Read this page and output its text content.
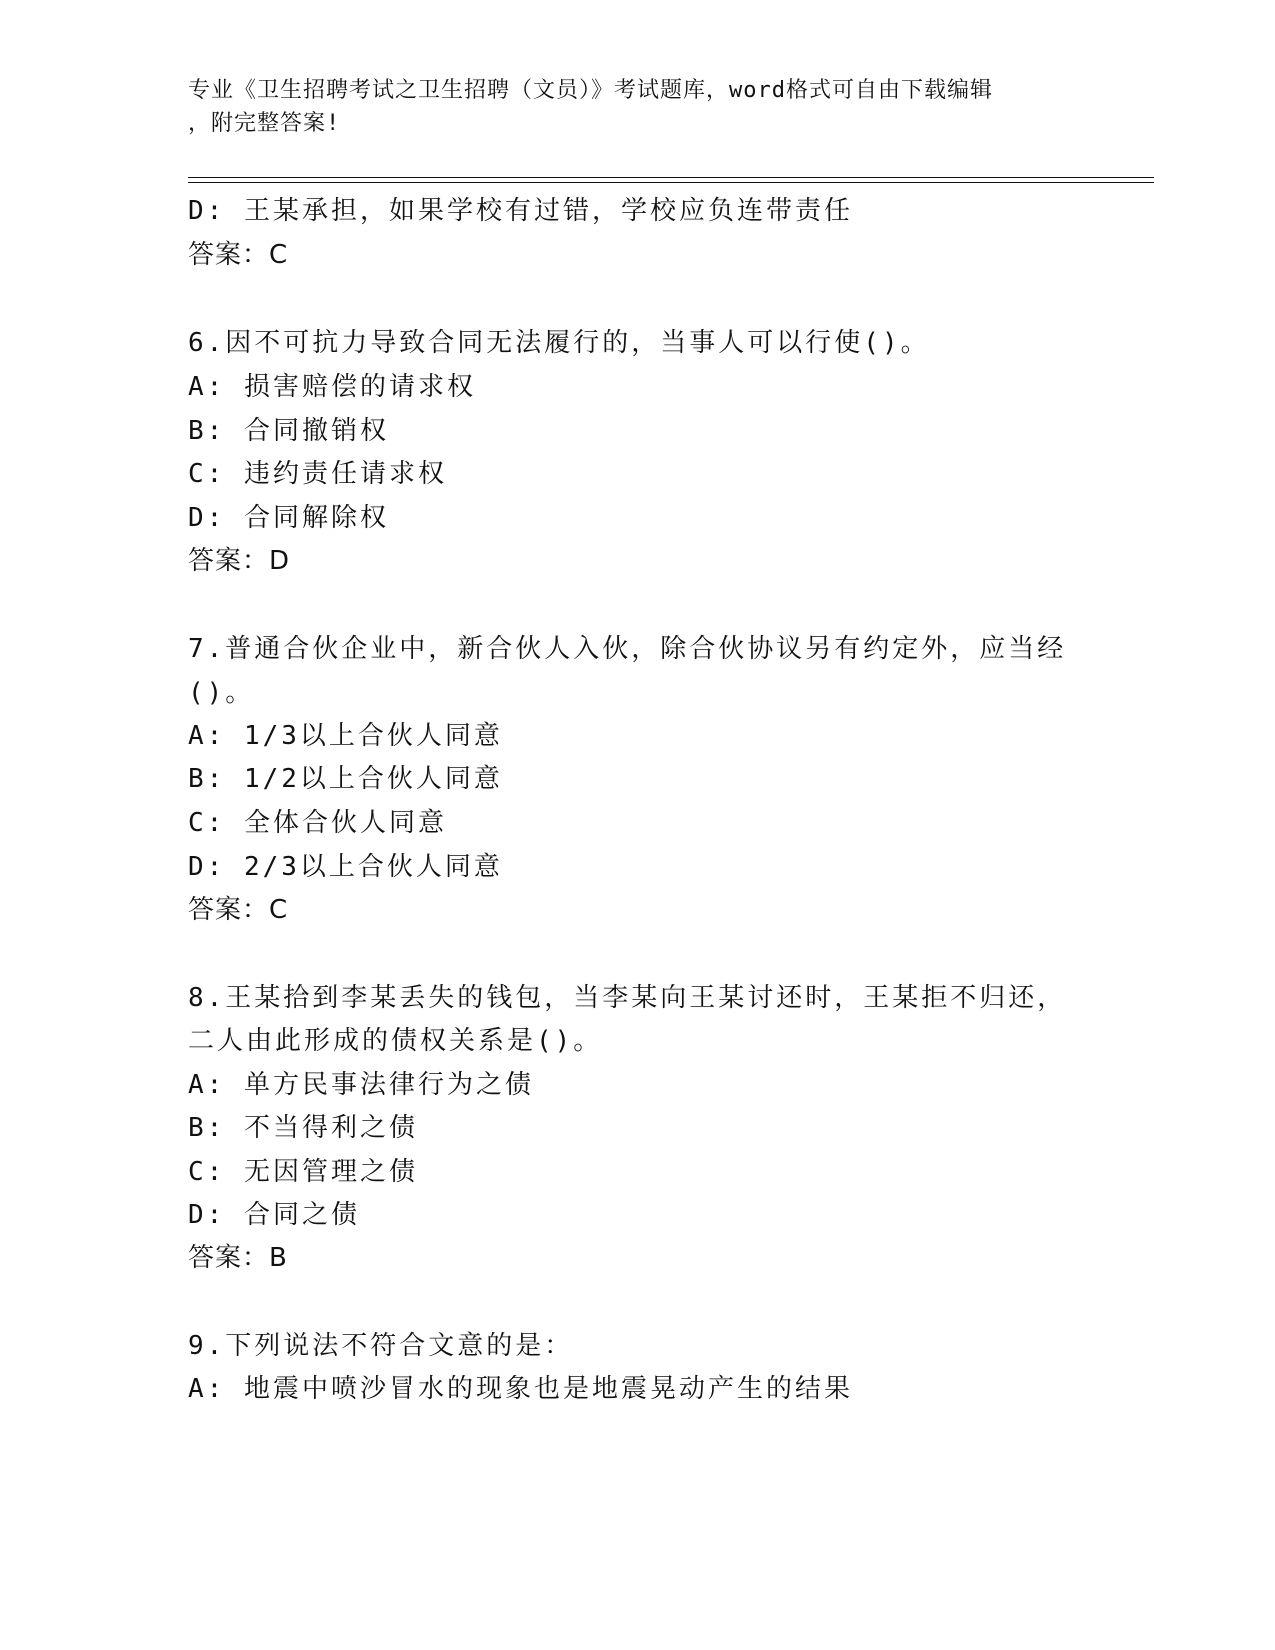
专业《卫生招聘考试之卫生招聘（文员）》考试题库，word格式可自由下载编辑
，附完整答案!
D: 王某承担，如果学校有过错，学校应负连带责任
答案：C
6.因不可抗力导致合同无法履行的，当事人可以行使()。
A: 损害赔偿的请求权
B: 合同撤销权
C: 违约责任请求权
D: 合同解除权
答案：D
7.普通合伙企业中，新合伙人入伙，除合伙协议另有约定外，应当经
()。
A: 1/3以上合伙人同意
B: 1/2以上合伙人同意
C: 全体合伙人同意
D: 2/3以上合伙人同意
答案：C
8.王某拾到李某丢失的钱包，当李某向王某讨还时，王某拒不归还，
二人由此形成的债权关系是()。
A: 单方民事法律行为之债
B: 不当得利之债
C: 无因管理之债
D: 合同之债
答案：B
9.下列说法不符合文意的是：
A: 地震中喷沙冒水的现象也是地震晃动产生的结果
